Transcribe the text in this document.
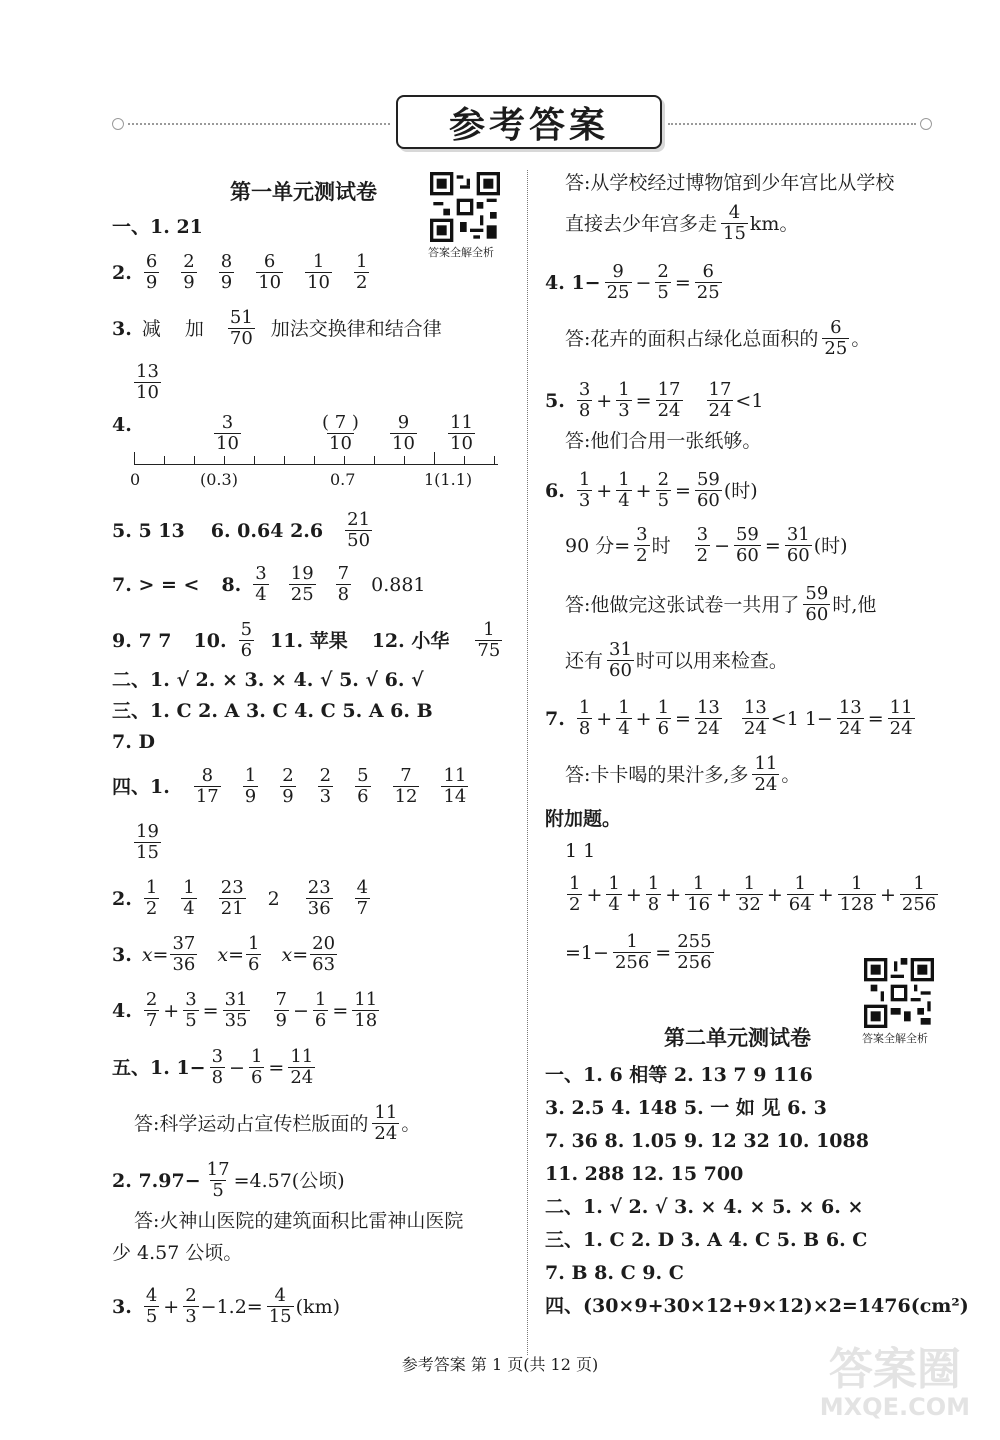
参考答案
第一单元测试卷
答案全解全析
一、1. 21
2. $\frac{6}{9} \frac{2}{9} \frac{8}{9} \frac{6}{10} \frac{1}{10} \frac{1}{2}$
3. 减 加 $\frac{51}{70}$ 加法交换律和结合律
$\frac{13}{10}$
4.	$\frac{3}{10}$	$\frac{( 7 )}{10} \frac{9}{10} \frac{11}{10}$
0	(0.3)	0.7	1(1.1)
5. 5 13 6. 0.64 $2.6 \frac{21}{50}$
7. > = < 8. $\frac{3}{4} \frac{19}{25} \frac{7}{8} 0.881$
9. 7 7 10. $\frac{5}{6} 11$. 苹果 12. 小华 $\frac{1}{75}$
二、1. √ 2. × 3. × 4. √ 5. √ 6. √
三、1. C 2. A 3. C 4. C 5. A 6. B
7. D
四、1. $\frac{8}{17} \frac{1}{9} \frac{2}{9} \frac{2}{3} \frac{5}{6} \frac{7}{12} \frac{11}{14}$
$\frac{19}{15}$
2. $\frac{1}{2} \frac{1}{4} \frac{23}{21} 2 \frac{23}{36} \frac{4}{7}$
3. $x= \frac{37}{36} x= \frac{1}{6} x= \frac{20}{63}$
4. $\frac{2}{7} + \frac{3}{5} = \frac{31}{35} \frac{7}{9} - \frac{1}{6} = \frac{11}{18}$
五、1. $1- \frac{3}{8} - \frac{1}{6} = \frac{11}{24}$
答:科学运动占宣传栏版面的 $\frac{11}{24}$ 。
2. $7.97- \frac{17}{5} =4.57$(公顷)
答:火神山医院的建筑面积比雷神山医院
少 4.57 公顷。
3. $\frac{4}{5} + \frac{2}{3} -1.2= \frac{4}{15} (km)$
答:从学校经过博物馆到少年宫比从学校
直接去少年宫多走 $\frac{4}{15}$ km。
4. $1- \frac{9}{25} - \frac{2}{5} = \frac{6}{25}$
答:花卉的面积占绿化总面积的 $\frac{6}{25}$ 。
5. $\frac{3}{8} + \frac{1}{3} = \frac{17}{24} \frac{17}{24} <1$
答:他们合用一张纸够。
6. $\frac{1}{3} + \frac{1}{4} + \frac{2}{5} = \frac{59}{60}$ (时)
90 分= $\frac{3}{2}$ 时 $\frac{3}{2} - \frac{59}{60} = \frac{31}{60}$ (时)
答:他做完这张试卷一共用了 $\frac{59}{60}$ 时,他
还有 $\frac{31}{60}$ 时可以用来检查。
7. $\frac{1}{8} + \frac{1}{4} + \frac{1}{6} = \frac{13}{24} \frac{13}{24} <1$ $1- \frac{13}{24} = \frac{11}{24}$
答:卡卡喝的果汁多,多 $\frac{11}{24}$ 。
附加题。
1 1
$\frac{1}{2} + \frac{1}{4} + \frac{1}{8} + \frac{1}{16} + \frac{1}{32} + \frac{1}{64} + \frac{1}{128} + \frac{1}{256}$
$=1- \frac{1}{256} = \frac{255}{256}$
答案全解全析
第二单元测试卷
一、1. 6 相等 2. 13 7 9 116
3. 2.5 4. 148 5. 一 如 见 6. 3
7. 36 8. 1.05 9. 12 32 10. 1088
11. 288 12. 15 700
二、1. √ 2. √ 3. × 4. × 5. × 6. ×
三、1. C 2. D 3. A 4. C 5. B 6. C
7. B 8. C 9. C
四、(30×9+30×12+9×12)×2=1476(cm²)
参考答案 第 1 页(共 12 页)	答案圈
MXQE.COM
